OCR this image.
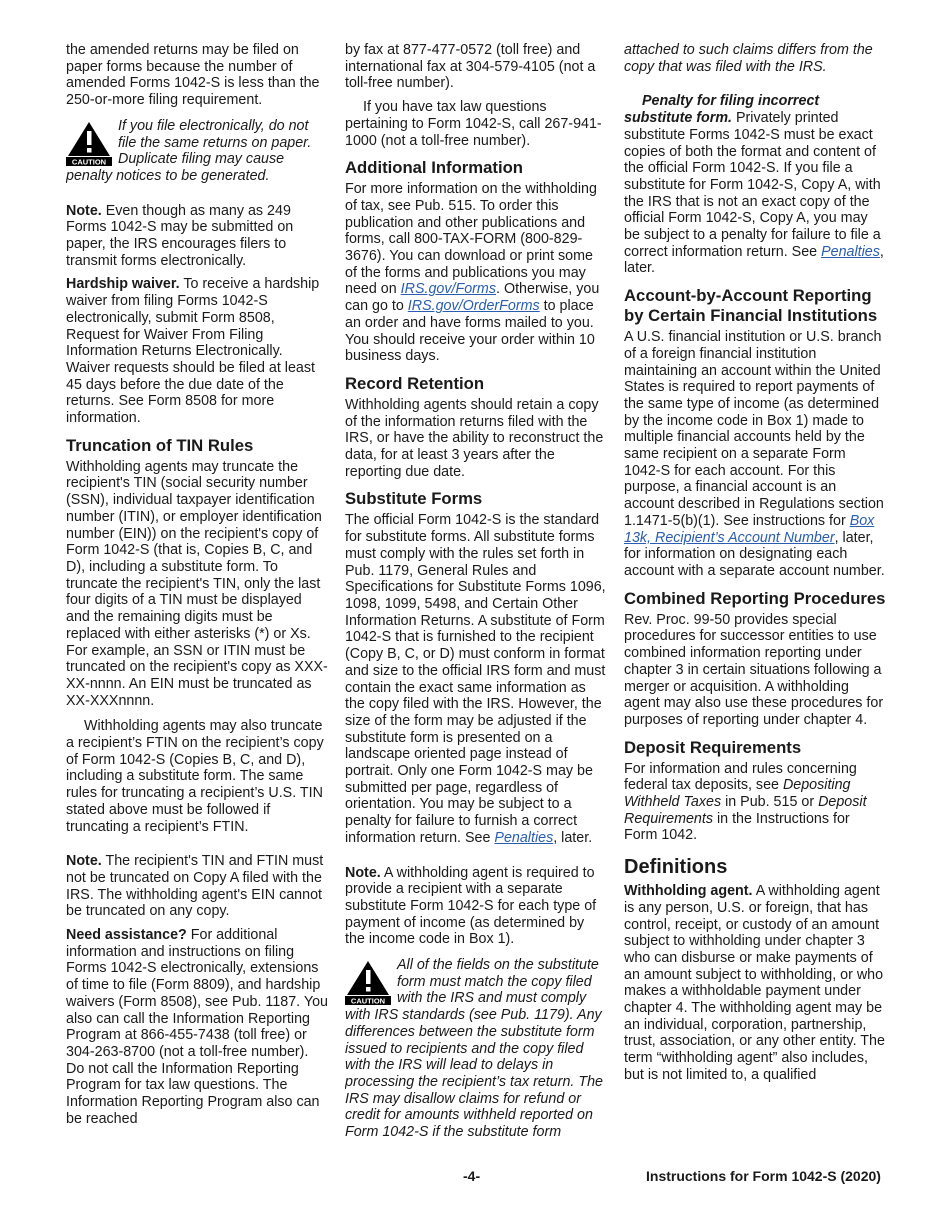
the amended returns may be filed on paper forms because the number of amended Forms 1042-S is less than the 250-or-more filing requirement.

CAUTION
If you file electronically, do not file the same returns on paper. Duplicate filing may cause penalty notices to be generated.

Note. Even though as many as 249 Forms 1042-S may be submitted on paper, the IRS encourages filers to transmit forms electronically.

Hardship waiver. To receive a hardship waiver from filing Forms 1042-S electronically, submit Form 8508, Request for Waiver From Filing Information Returns Electronically. Waiver requests should be filed at least 45 days before the due date of the returns. See Form 8508 for more information.

Truncation of TIN Rules

Withholding agents may truncate the recipient's TIN (social security number (SSN), individual taxpayer identification number (ITIN), or employer identification number (EIN)) on the recipient's copy of Form 1042-S (that is, Copies B, C, and D), including a substitute form. To truncate the recipient's TIN, only the last four digits of a TIN must be displayed and the remaining digits must be replaced with either asterisks (*) or Xs. For example, an SSN or ITIN must be truncated on the recipient's copy as XXX-XX-nnnn. An EIN must be truncated as XX-XXXnnnn.

Withholding agents may also truncate a recipient’s FTIN on the recipient’s copy of Form 1042-S (Copies B, C, and D), including a substitute form. The same rules for truncating a recipient’s U.S. TIN stated above must be followed if truncating a recipient’s FTIN.

Note. The recipient's TIN and FTIN must not be truncated on Copy A filed with the IRS. The withholding agent's EIN cannot be truncated on any copy.

Need assistance? For additional information and instructions on filing Forms 1042-S electronically, extensions of time to file (Form 8809), and hardship waivers (Form 8508), see Pub. 1187. You also can call the Information Reporting Program at 866-455-7438 (toll free) or 304-263-8700 (not a toll-free number). Do not call the Information Reporting Program for tax law questions. The Information Reporting Program also can be reached

by fax at 877-477-0572 (toll free) and international fax at 304-579-4105 (not a toll-free number).

If you have tax law questions pertaining to Form 1042-S, call 267-941-1000 (not a toll-free number).

Additional Information

For more information on the withholding of tax, see Pub. 515. To order this publication and other publications and forms, call 800-TAX-FORM (800-829-3676). You can download or print some of the forms and publications you may need on IRS.gov/Forms. Otherwise, you can go to IRS.gov/OrderForms to place an order and have forms mailed to you. You should receive your order within 10 business days.

Record Retention

Withholding agents should retain a copy of the information returns filed with the IRS, or have the ability to reconstruct the data, for at least 3 years after the reporting due date.

Substitute Forms

The official Form 1042-S is the standard for substitute forms. All substitute forms must comply with the rules set forth in Pub. 1179, General Rules and Specifications for Substitute Forms 1096, 1098, 1099, 5498, and Certain Other Information Returns. A substitute of Form 1042-S that is furnished to the recipient (Copy B, C, or D) must conform in format and size to the official IRS form and must contain the exact same information as the copy filed with the IRS. However, the size of the form may be adjusted if the substitute form is presented on a landscape oriented page instead of portrait. Only one Form 1042-S may be submitted per page, regardless of orientation. You may be subject to a penalty for failure to furnish a correct information return. See Penalties, later.

Note. A withholding agent is required to provide a recipient with a separate substitute Form 1042-S for each type of payment of income (as determined by the income code in Box 1).

CAUTION
All of the fields on the substitute form must match the copy filed with the IRS and must comply with IRS standards (see Pub. 1179). Any differences between the substitute form issued to recipients and the copy filed with the IRS will lead to delays in processing the recipient’s tax return. The IRS may disallow claims for refund or credit for amounts withheld reported on Form 1042-S if the substitute form

attached to such claims differs from the copy that was filed with the IRS.

Penalty for filing incorrect substitute form. Privately printed substitute Forms 1042-S must be exact copies of both the format and content of the official Form 1042-S. If you file a substitute for Form 1042-S, Copy A, with the IRS that is not an exact copy of the official Form 1042-S, Copy A, you may be subject to a penalty for failure to file a correct information return. See Penalties, later.

Account-by-Account Reporting by Certain Financial Institutions

A U.S. financial institution or U.S. branch of a foreign financial institution maintaining an account within the United States is required to report payments of the same type of income (as determined by the income code in Box 1) made to multiple financial accounts held by the same recipient on a separate Form 1042-S for each account. For this purpose, a financial account is an account described in Regulations section 1.1471-5(b)(1). See instructions for Box 13k, Recipient’s Account Number, later, for information on designating each account with a separate account number.

Combined Reporting Procedures

Rev. Proc. 99-50 provides special procedures for successor entities to use combined information reporting under chapter 3 in certain situations following a merger or acquisition. A withholding agent may also use these procedures for purposes of reporting under chapter 4.

Deposit Requirements

For information and rules concerning federal tax deposits, see Depositing Withheld Taxes in Pub. 515 or Deposit Requirements in the Instructions for Form 1042.

Definitions

Withholding agent. A withholding agent is any person, U.S. or foreign, that has control, receipt, or custody of an amount subject to withholding under chapter 3 who can disburse or make payments of an amount subject to withholding, or who makes a withholdable payment under chapter 4. The withholding agent may be an individual, corporation, partnership, trust, association, or any other entity. The term “withholding agent” also includes, but is not limited to, a qualified

-4-	Instructions for Form 1042-S (2020)
